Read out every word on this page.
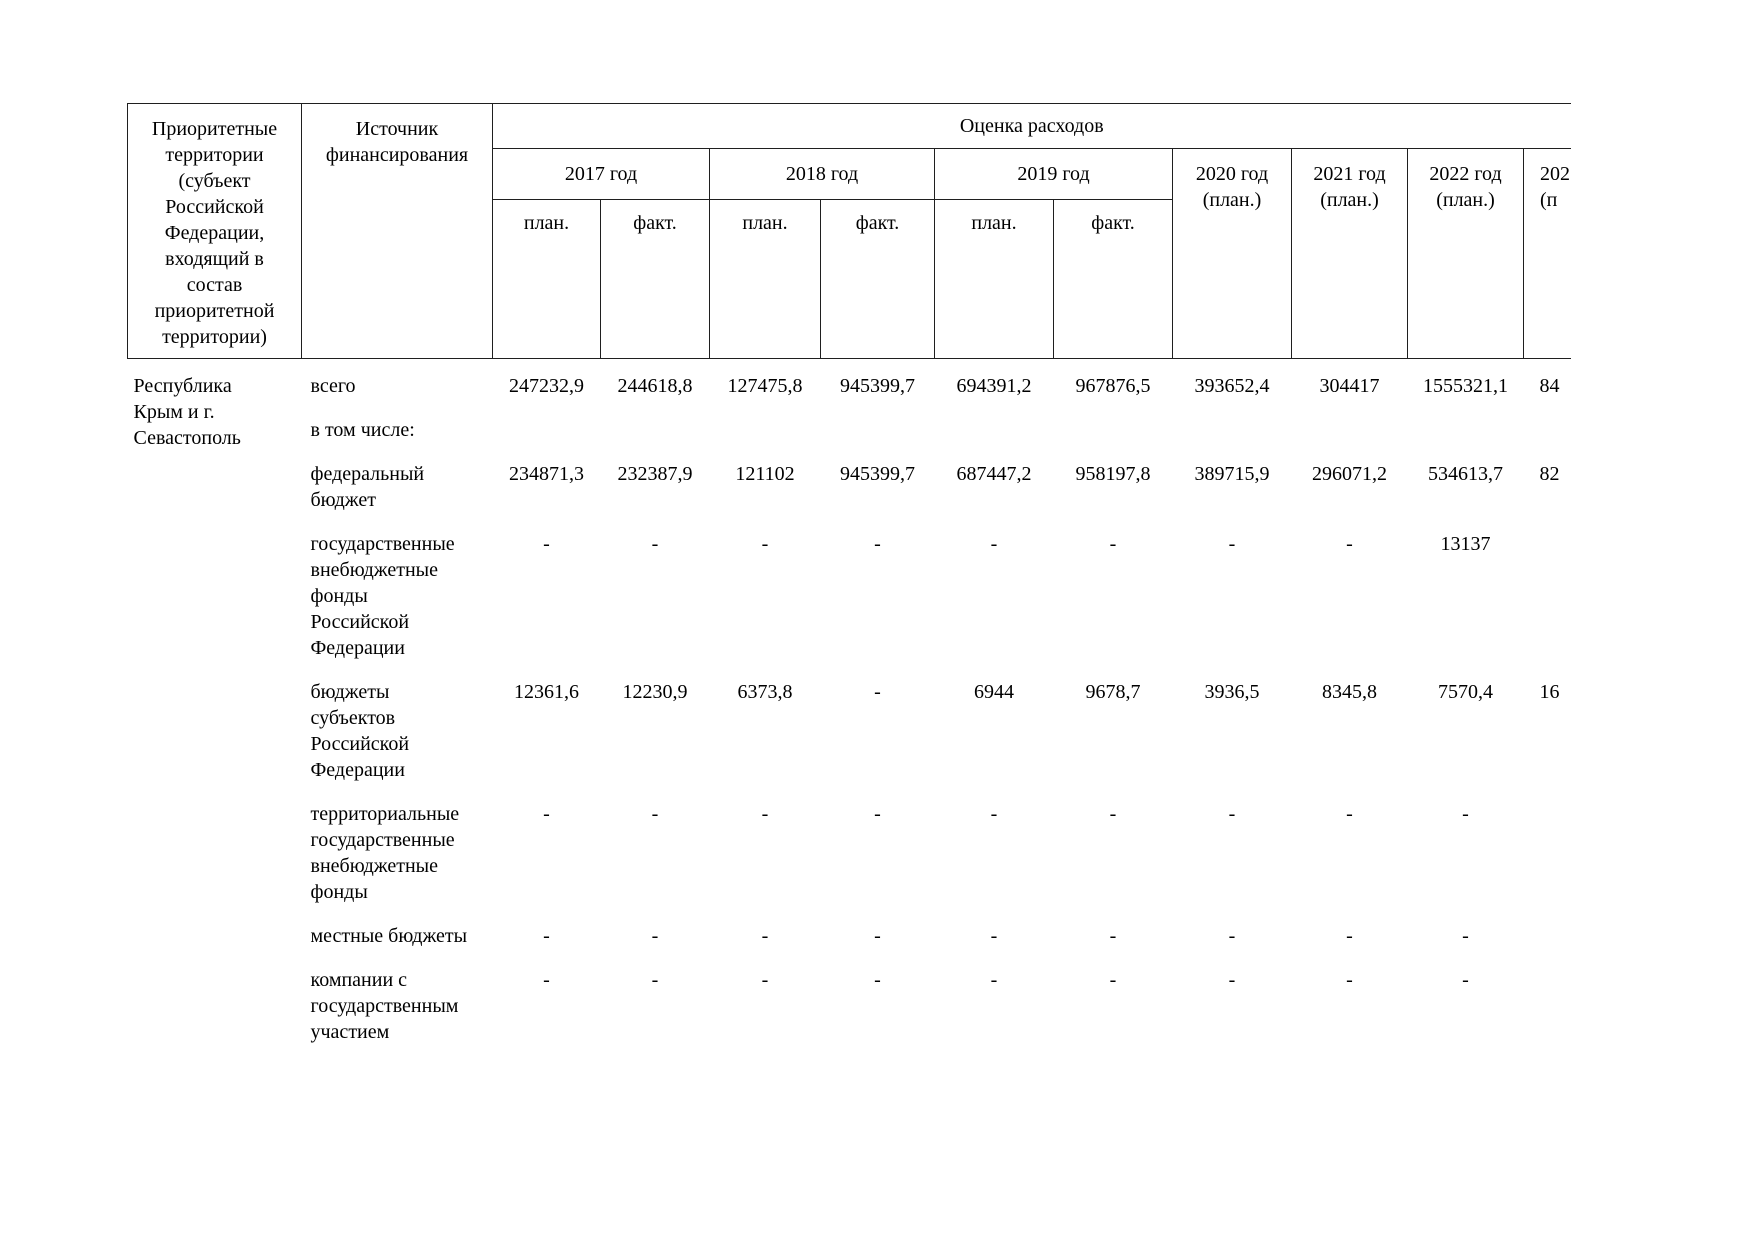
Приоритетные
территории
(субъект
Российской
Федерации,
входящий в
состав
приоритетной
территории)	Источник
финансирования	Оценка расходов
		2017 год		2018 год		2019 год		2020 год
(план.)	2021 год
(план.)	2022 год
(план.)	202
(п
		план.	факт.	план.	факт.	план.	факт.				
Республика
Крым и г.
Севастополь	всего	247232,9	244618,8	127475,8	945399,7	694391,2	967876,5	393652,4	304417	1555321,1	84
	в том числе:										
	федеральный
бюджет	234871,3	232387,9	121102	945399,7	687447,2	958197,8	389715,9	296071,2	534613,7	82
	государственные
внебюджетные
фонды
Российской
Федерации	-	-	-	-	-	-	-	-	13137	
	бюджеты
субъектов
Российской
Федерации	12361,6	12230,9	6373,8	-	6944	9678,7	3936,5	8345,8	7570,4	16
	территориальные
государственные
внебюджетные
фонды	-	-	-	-	-	-	-	-	-	
	местные бюджеты	-	-	-	-	-	-	-	-	-	
	компании с
государственным
участием	-	-	-	-	-	-	-	-	-	
